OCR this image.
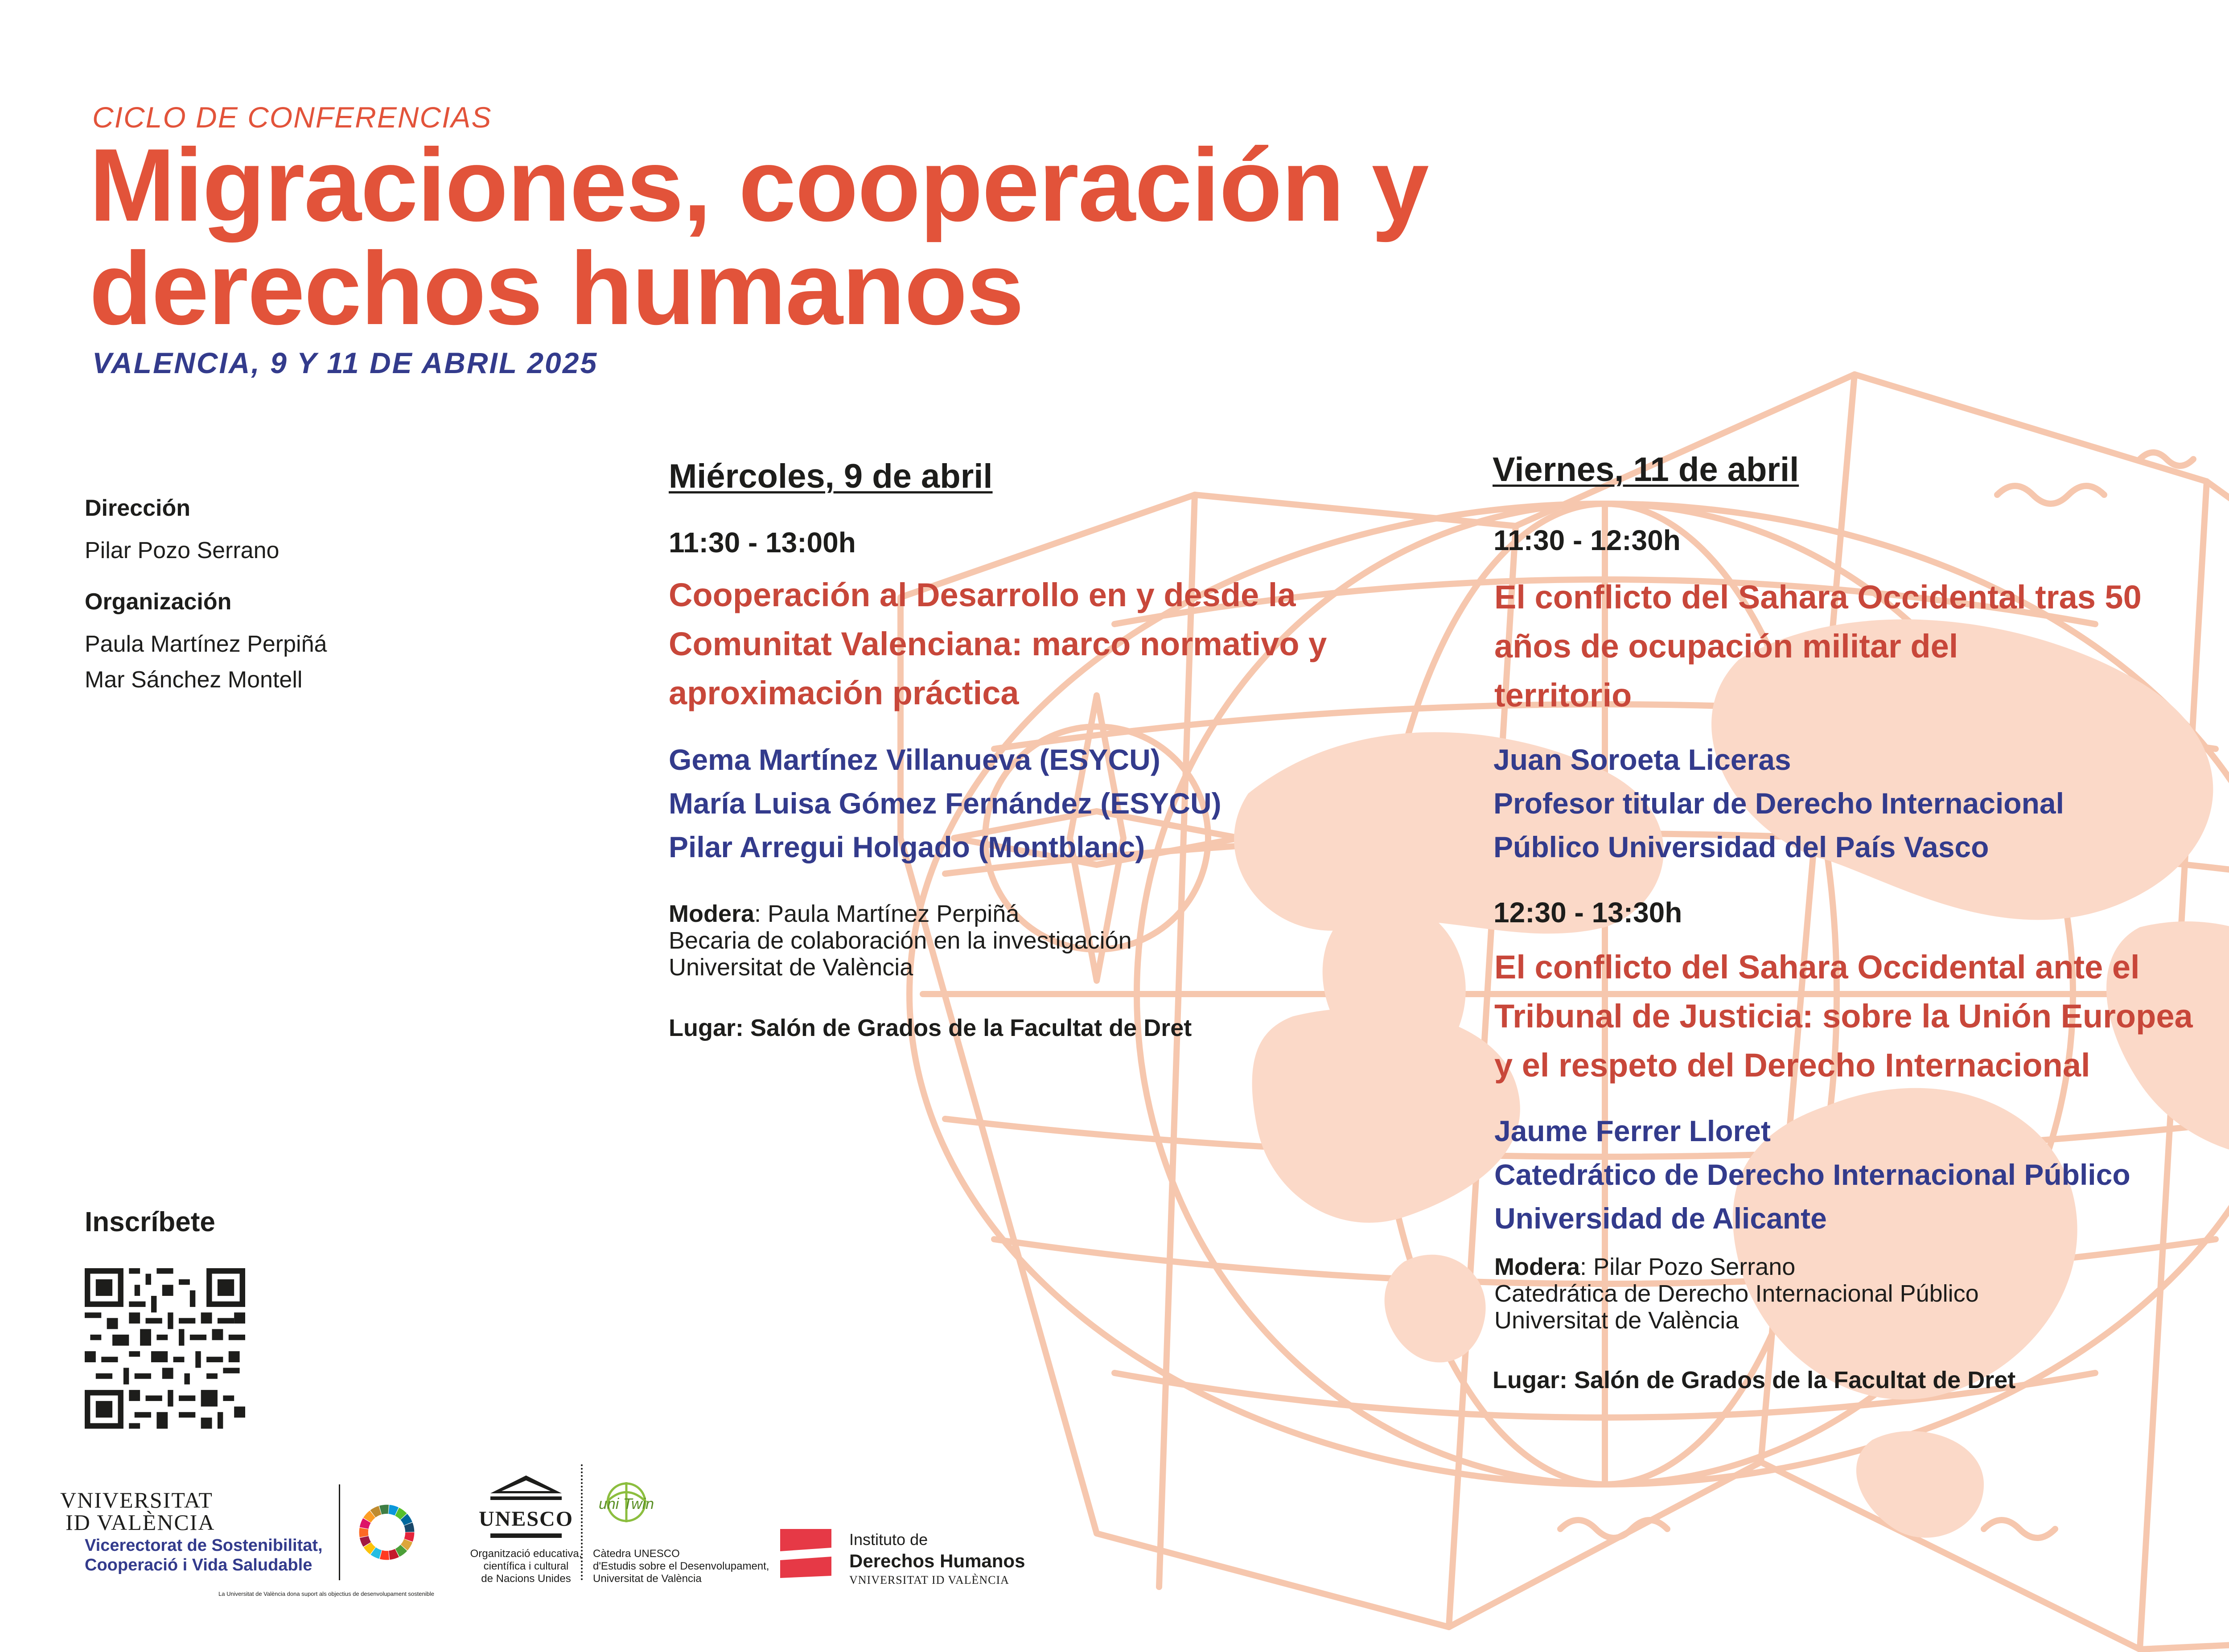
CICLO DE CONFERENCIAS
Migraciones, cooperación y
derechos humanos
VALENCIA, 9 Y 11 DE ABRIL 2025
Dirección
Pilar Pozo Serrano
Organización
Paula Martínez Perpiñá
Mar Sánchez Montell
Inscríbete
Miércoles, 9 de abril
11:30 - 13:00h
Cooperación al Desarrollo en y desde la
Comunitat Valenciana: marco normativo y
aproximación práctica
Gema Martínez Villanueva (ESYCU)
María Luisa Gómez Fernández (ESYCU)
Pilar Arregui Holgado (Montblanc)
Modera: Paula Martínez Perpiñá
Becaria de colaboración en la investigación
Universitat de València
Lugar: Salón de Grados de la Facultat de Dret
Viernes, 11 de abril
11:30 - 12:30h
El conflicto del Sahara Occidental tras 50
años de ocupación militar del
territorio
Juan Soroeta Liceras
Profesor titular de Derecho Internacional
Público Universidad del País Vasco
12:30 - 13:30h
El conflicto del Sahara Occidental ante el
Tribunal de Justicia: sobre la Unión Europea
y el respeto del Derecho Internacional
Jaume Ferrer Lloret
Catedrático de Derecho Internacional Público
Universidad de Alicante
Modera: Pilar Pozo Serrano
Catedrática de Derecho Internacional Público
Universitat de València
Lugar: Salón de Grados de la Facultat de Dret
VNIVERSITAT
ID VALÈNCIA
Vicerectorat de Sostenibilitat,
Cooperació i Vida Saludable
La Universitat de València dona suport als objectius de desenvolupament sostenible
UNESCO
Organització educativa,
científica i cultural
de Nacions Unides
uni Twin
Càtedra UNESCO
d'Estudis sobre el Desenvolupament,
Universitat de València
Instituto de
Derechos Humanos
VNIVERSITAT ID VALÈNCIA
